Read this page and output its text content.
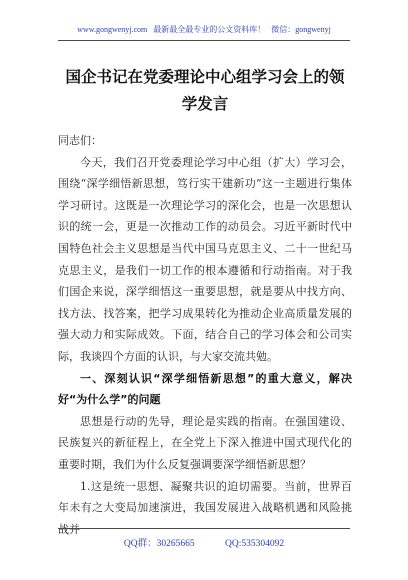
www.gongwenyj.com 最新最全最专业的公文资料库！ 微信：gongwenyj
国企书记在党委理论中心组学习会上的领学发言

同志们：

今天，我们召开党委理论学习中心组（扩大）学习会，围绕“深学细悟新思想，笃行实干建新功”这一主题进行集体学习研讨。这既是一次理论学习的深化会，也是一次思想认识的统一会，更是一次推动工作的动员会。习近平新时代中国特色社会主义思想是当代中国马克思主义、二十一世纪马克思主义，是我们一切工作的根本遵循和行动指南。对于我们国企来说，深学细悟这一重要思想，就是要从中找方向、找方法、找答案，把学习成果转化为推动企业高质量发展的强大动力和实际成效。下面，结合自己的学习体会和公司实际，我谈四个方面的认识，与大家交流共勉。

一、深刻认识“深学细悟新思想”的重大意义，解决好“为什么学”的问题

思想是行动的先导，理论是实践的指南。在强国建设、民族复兴的新征程上，在全党上下深入推进中国式现代化的重要时期，我们为什么反复强调要深学细悟新思想？

1.这是统一思想、凝聚共识的迫切需要。当前，世界百年未有之大变局加速演进，我国发展进入战略机遇和风险挑战并

QQ群：30265665	QQ:535304092
